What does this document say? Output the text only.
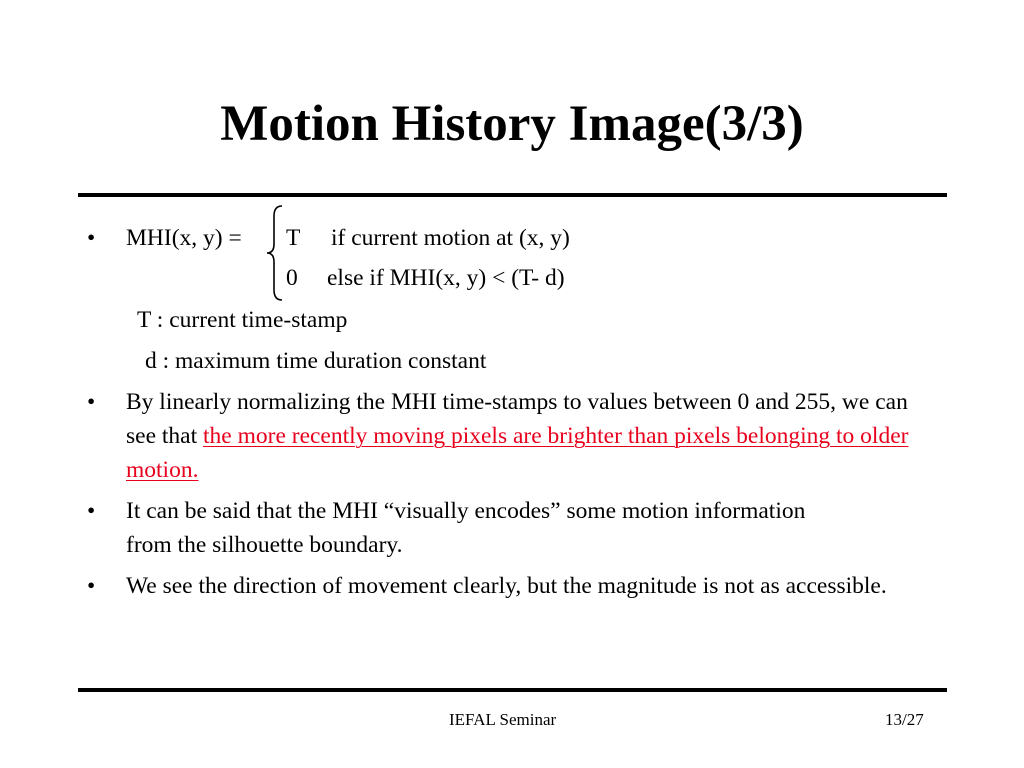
Motion History Image(3/3)
• MHI(x, y) = T if current motion at (x, y)
0 else if MHI(x, y) < (T- d)
T : current time-stamp
d : maximum time duration constant
• By linearly normalizing the MHI time-stamps to values between 0 and 255, we can see that the more recently moving pixels are brighter than pixels belonging to older motion.

• It can be said that the MHI “visually encodes” some motion information from the silhouette boundary.

• We see the direction of movement clearly, but the magnitude is not as accessible.

IEFAL Seminar	13/27
